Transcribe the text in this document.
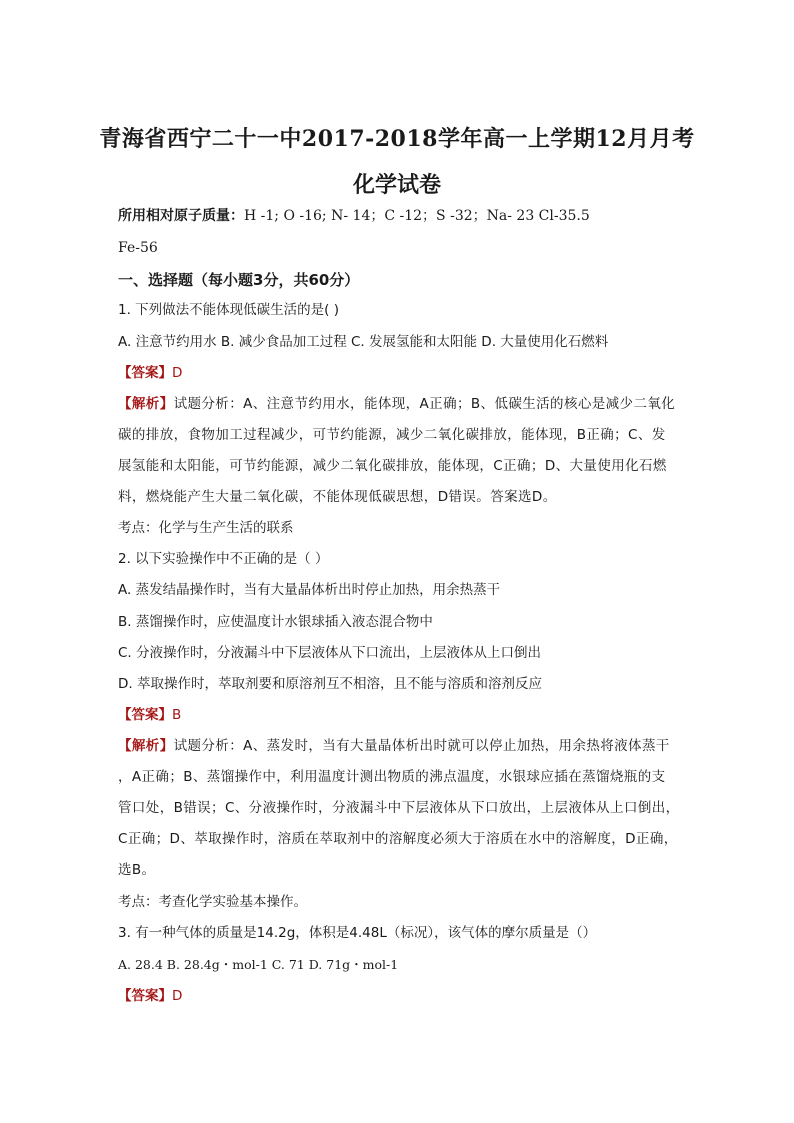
青海省西宁二十一中2017-2018学年高一上学期12月月考
化学试卷
所用相对原子质量：H -1; O -16; N- 14；C -12；S -32；Na- 23 Cl-35.5
Fe-56
一、选择题（每小题3分，共60分）
1. 下列做法不能体现低碳生活的是( )
A. 注意节约用水 B. 减少食品加工过程 C. 发展氢能和太阳能 D. 大量使用化石燃料
【答案】D
【解析】试题分析：A、注意节约用水，能体现，A正确；B、低碳生活的核心是减少二氧化
碳的排放，食物加工过程减少，可节约能源，减少二氧化碳排放，能体现，B正确；C、发
展氢能和太阳能，可节约能源，减少二氧化碳排放，能体现，C正确；D、大量使用化石燃
料，燃烧能产生大量二氧化碳，不能体现低碳思想，D错误。答案选D。
考点：化学与生产生活的联系
2. 以下实验操作中不正确的是（ ）
A. 蒸发结晶操作时，当有大量晶体析出时停止加热，用余热蒸干
B. 蒸馏操作时，应使温度计水银球插入液态混合物中
C. 分液操作时，分液漏斗中下层液体从下口流出，上层液体从上口倒出
D. 萃取操作时，萃取剂要和原溶剂互不相溶，且不能与溶质和溶剂反应
【答案】B
【解析】试题分析：A、蒸发时，当有大量晶体析出时就可以停止加热，用余热将液体蒸干
，A正确；B、蒸馏操作中，利用温度计测出物质的沸点温度，水银球应插在蒸馏烧瓶的支
管口处，B错误；C、分液操作时，分液漏斗中下层液体从下口放出，上层液体从上口倒出，
C正确；D、萃取操作时，溶质在萃取剂中的溶解度必须大于溶质在水中的溶解度，D正确，
选B。
考点：考查化学实验基本操作。
3. 有一种气体的质量是14.2g，体积是4.48L（标况），该气体的摩尔质量是（）
A. 28.4 B. 28.4g・mol-1 C. 71 D. 71g・mol-1
【答案】D
